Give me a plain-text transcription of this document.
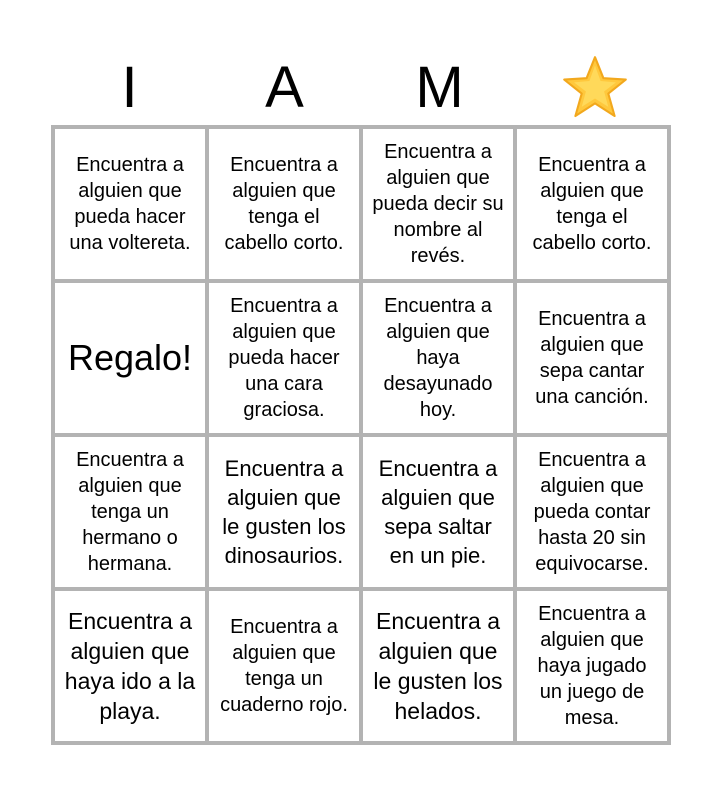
I	A	M
Encuentra a alguien que pueda hacer una voltereta.
Encuentra a alguien que tenga el cabello corto.
Encuentra a alguien que pueda decir su nombre al revés.
Encuentra a alguien que tenga el cabello corto.
Regalo!
Encuentra a alguien que pueda hacer una cara graciosa.
Encuentra a alguien que haya desayunado hoy.
Encuentra a alguien que sepa cantar una canción.
Encuentra a alguien que tenga un hermano o hermana.
Encuentra a alguien que le gusten los dinosaurios.
Encuentra a alguien que sepa saltar en un pie.
Encuentra a alguien que pueda contar hasta 20 sin equivocarse.
Encuentra a alguien que haya ido a la playa.
Encuentra a alguien que tenga un cuaderno rojo.
Encuentra a alguien que le gusten los helados.
Encuentra a alguien que haya jugado un juego de mesa.
